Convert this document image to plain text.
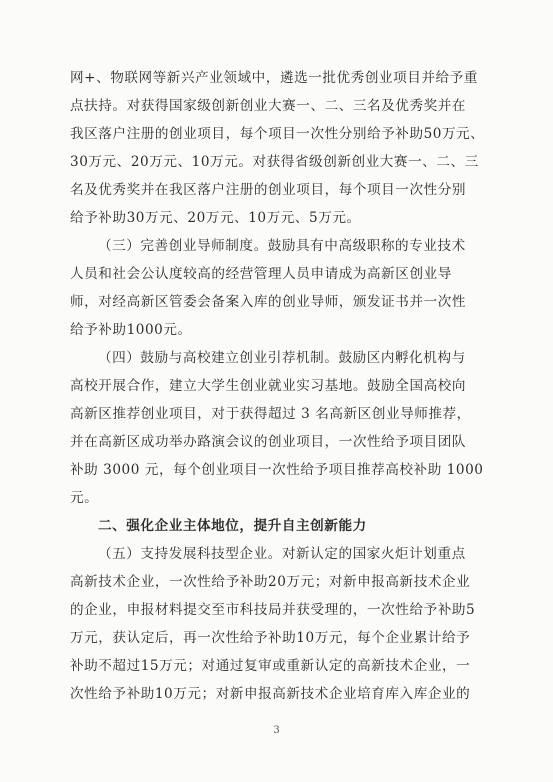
网+、物联网等新兴产业领域中，遴选一批优秀创业项目并给予重
点扶持。对获得国家级创新创业大赛一、二、三名及优秀奖并在
我区落户注册的创业项目，每个项目一次性分别给予补助50万元、
30万元、20万元、10万元。对获得省级创新创业大赛一、二、三
名及优秀奖并在我区落户注册的创业项目，每个项目一次性分别
给予补助30万元、20万元、10万元、5万元。
（三）完善创业导师制度。鼓励具有中高级职称的专业技术
人员和社会公认度较高的经营管理人员申请成为高新区创业导
师，对经高新区管委会备案入库的创业导师，颁发证书并一次性
给予补助1000元。
（四）鼓励与高校建立创业引荐机制。鼓励区内孵化机构与
高校开展合作，建立大学生创业就业实习基地。鼓励全国高校向
高新区推荐创业项目，对于获得超过 3 名高新区创业导师推荐，
并在高新区成功举办路演会议的创业项目，一次性给予项目团队
补助 3000 元，每个创业项目一次性给予项目推荐高校补助 1000
元。
二、强化企业主体地位，提升自主创新能力
（五）支持发展科技型企业。对新认定的国家火炬计划重点
高新技术企业，一次性给予补助20万元；对新申报高新技术企业
的企业，申报材料提交至市科技局并获受理的，一次性给予补助5
万元，获认定后，再一次性给予补助10万元，每个企业累计给予
补助不超过15万元；对通过复审或重新认定的高新技术企业，一
次性给予补助10万元；对新申报高新技术企业培育库入库企业的
3
